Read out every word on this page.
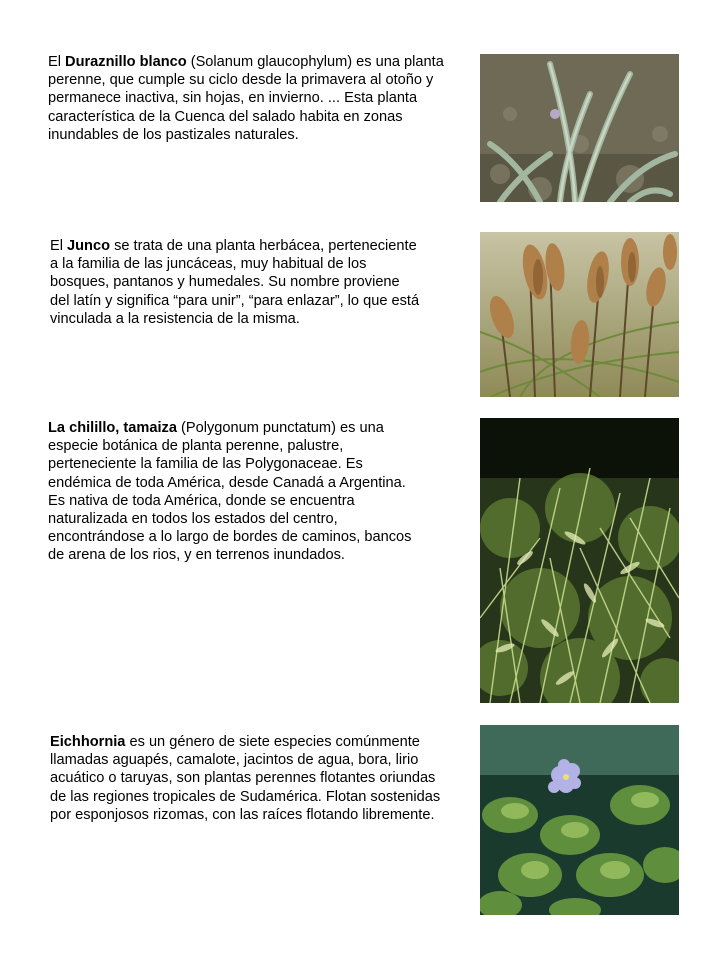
El Duraznillo blanco (Solanum glaucophylum) es una planta perenne, que cumple su ciclo desde la primavera al otoño y permanece inactiva, sin hojas, en invierno. ... Esta planta característica de la Cuenca del salado habita en zonas inundables de los pastizales naturales.
El Junco se trata de una planta herbácea, perteneciente a la familia de las juncáceas, muy habitual de los bosques, pantanos y humedales. Su nombre proviene del latín y significa “para unir”, “para enlazar”, lo que está vinculada a la resistencia de la misma.
La chilillo, tamaiza (Polygonum punctatum) es una especie botánica de planta perenne, palustre, perteneciente la familia de las Polygonaceae. Es endémica de toda América, desde Canadá a Argentina.
Es nativa de toda América, donde se encuentra naturalizada en todos los estados del centro, encontrándose a lo largo de bordes de caminos, bancos de arena de los rios, y en terrenos inundados.
Eichhornia es un género de siete especies comúnmente llamadas aguapés, camalote, jacintos de agua, bora, lirio acuático o taruyas, son plantas perennes flotantes oriundas de las regiones tropicales de Sudamérica. Flotan sostenidas por esponjosos rizomas, con las raíces flotando libremente.
